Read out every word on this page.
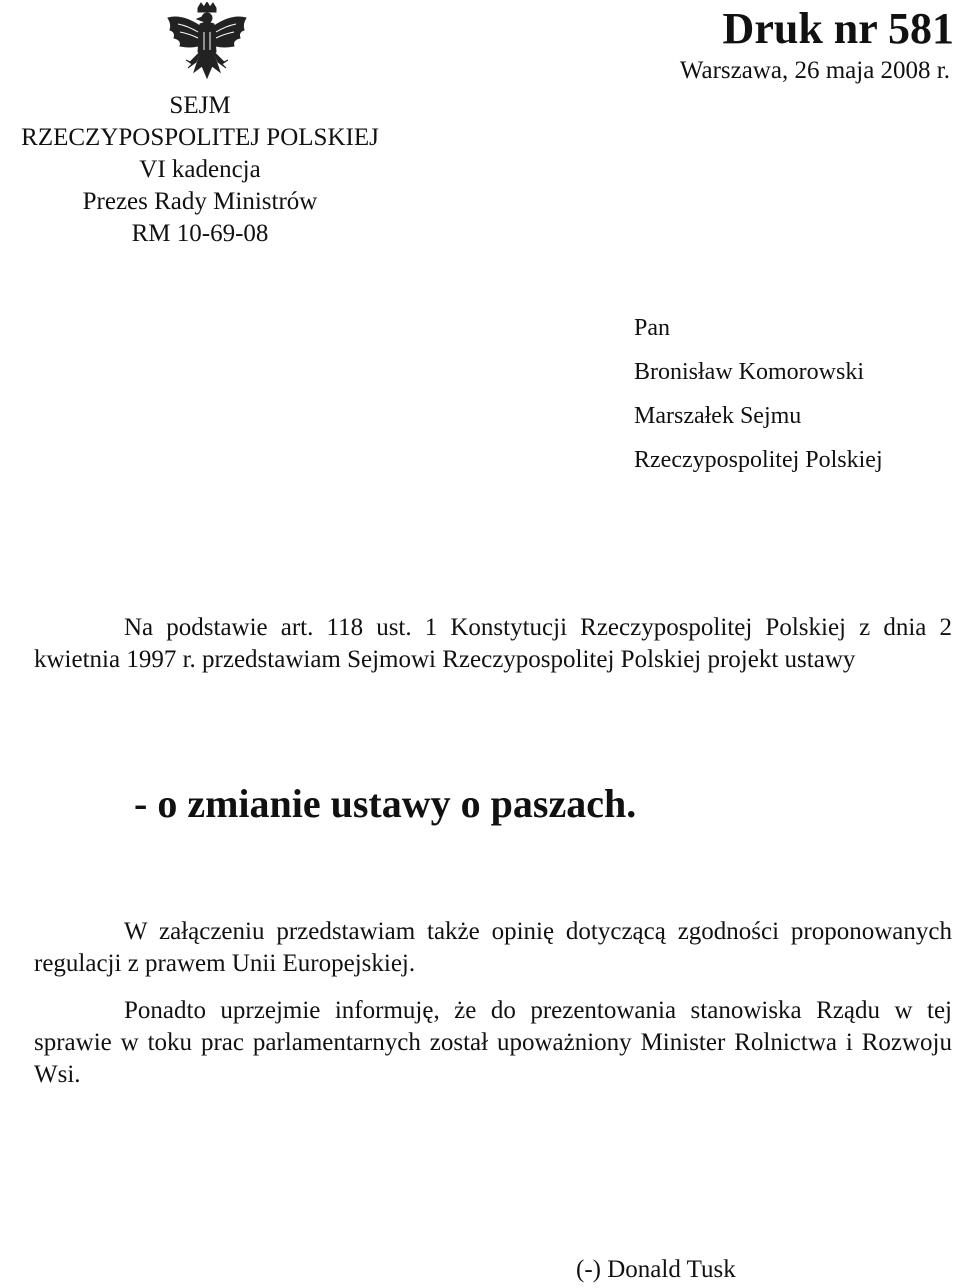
Druk nr 581
Warszawa, 26 maja 2008 r.
SEJM
RZECZYPOSPOLITEJ POLSKIEJ
VI kadencja
Prezes Rady Ministrów
RM 10-69-08
Pan
Bronisław Komorowski
Marszałek Sejmu
Rzeczypospolitej Polskiej
Na podstawie art. 118 ust. 1 Konstytucji Rzeczypospolitej Polskiej z dnia 2 kwietnia 1997 r. przedstawiam Sejmowi Rzeczypospolitej Polskiej projekt ustawy
- o zmianie ustawy o paszach.
W załączeniu przedstawiam także opinię dotyczącą zgodności proponowanych regulacji z prawem Unii Europejskiej.
Ponadto uprzejmie informuję, że do prezentowania stanowiska Rządu w tej sprawie w toku prac parlamentarnych został upoważniony Minister Rolnictwa i Rozwoju Wsi.
(-) Donald Tusk
